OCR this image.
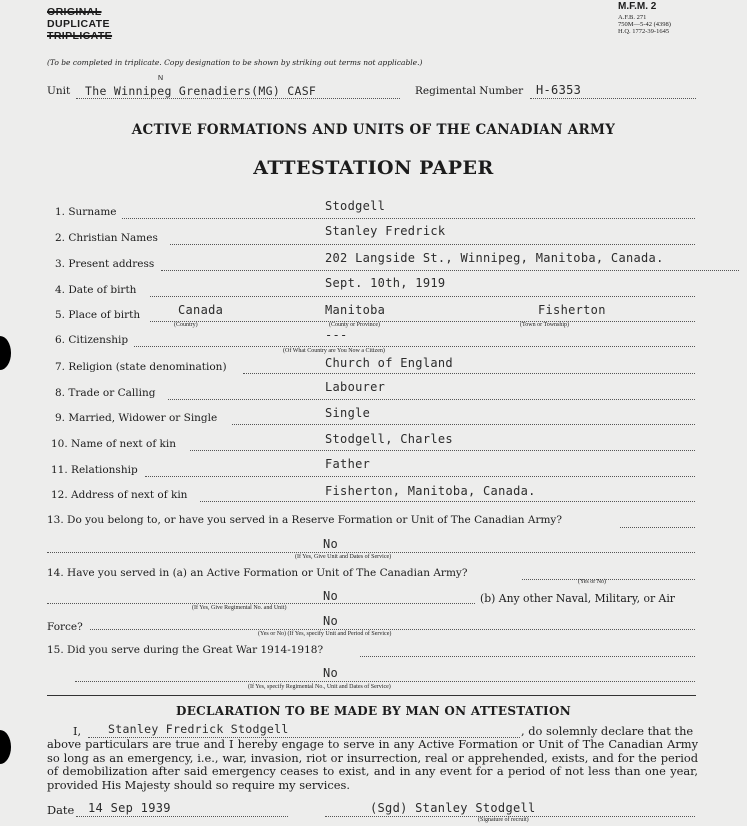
ORIGINAL
DUPLICATE
TRIPLICATE
M.F.M. 2
A.F.B. 271
750M—5-42 (4398)
H.Q. 1772-39-1645
(To be completed in triplicate. Copy designation to be shown by striking out terms not applicable.)
Unit The Winnipeg Grenadiers(MG) CASF
N
Regimental Number H-6353
ACTIVE FORMATIONS AND UNITS OF THE CANADIAN ARMY
ATTESTATION PAPER
1. Surname	Stodgell
2. Christian Names	Stanley Fredrick
3. Present address	202 Langside St., Winnipeg, Manitoba, Canada.
4. Date of birth	Sept. 10th, 1919
5. Place of birth	Canada	Manitoba	Fisherton
(Country)	(County or Province)	(Town or Township)
6. Citizenship	---
(Of What Country are You Now a Citizen)
7. Religion (state denomination)	Church of England
8. Trade or Calling	Labourer
9. Married, Widower or Single	Single
10. Name of next of kin	Stodgell, Charles
11. Relationship	Father
12. Address of next of kin	Fisherton, Manitoba, Canada.
13. Do you belong to, or have you served in a Reserve Formation or Unit of The Canadian Army?
No
(If Yes, Give Unit and Dates of Service)
14. Have you served in (a) an Active Formation or Unit of The Canadian Army?
(Yes or No)
No	(b) Any other Naval, Military, or Air
(If Yes, Give Regimental No. and Unit)
Force?	No
(Yes or No) (If Yes, specify Unit and Period of Service)
15. Did you serve during the Great War 1914-1918?
No
(If Yes, specify Regimental No., Unit and Dates of Service)
DECLARATION TO BE MADE BY MAN ON ATTESTATION
I, Stanley Fredrick Stodgell	, do solemnly declare that the
above particulars are true and I hereby engage to serve in any Active Formation or Unit of The Canadian Army so long as an emergency, i.e., war, invasion, riot or insurrection, real or apprehended, exists, and for the period of demobilization after said emergency ceases to exist, and in any event for a period of not less than one year, provided His Majesty should so require my services.
Date 14 Sep 1939	(Sgd) Stanley Stodgell
(Signature of recruit)
